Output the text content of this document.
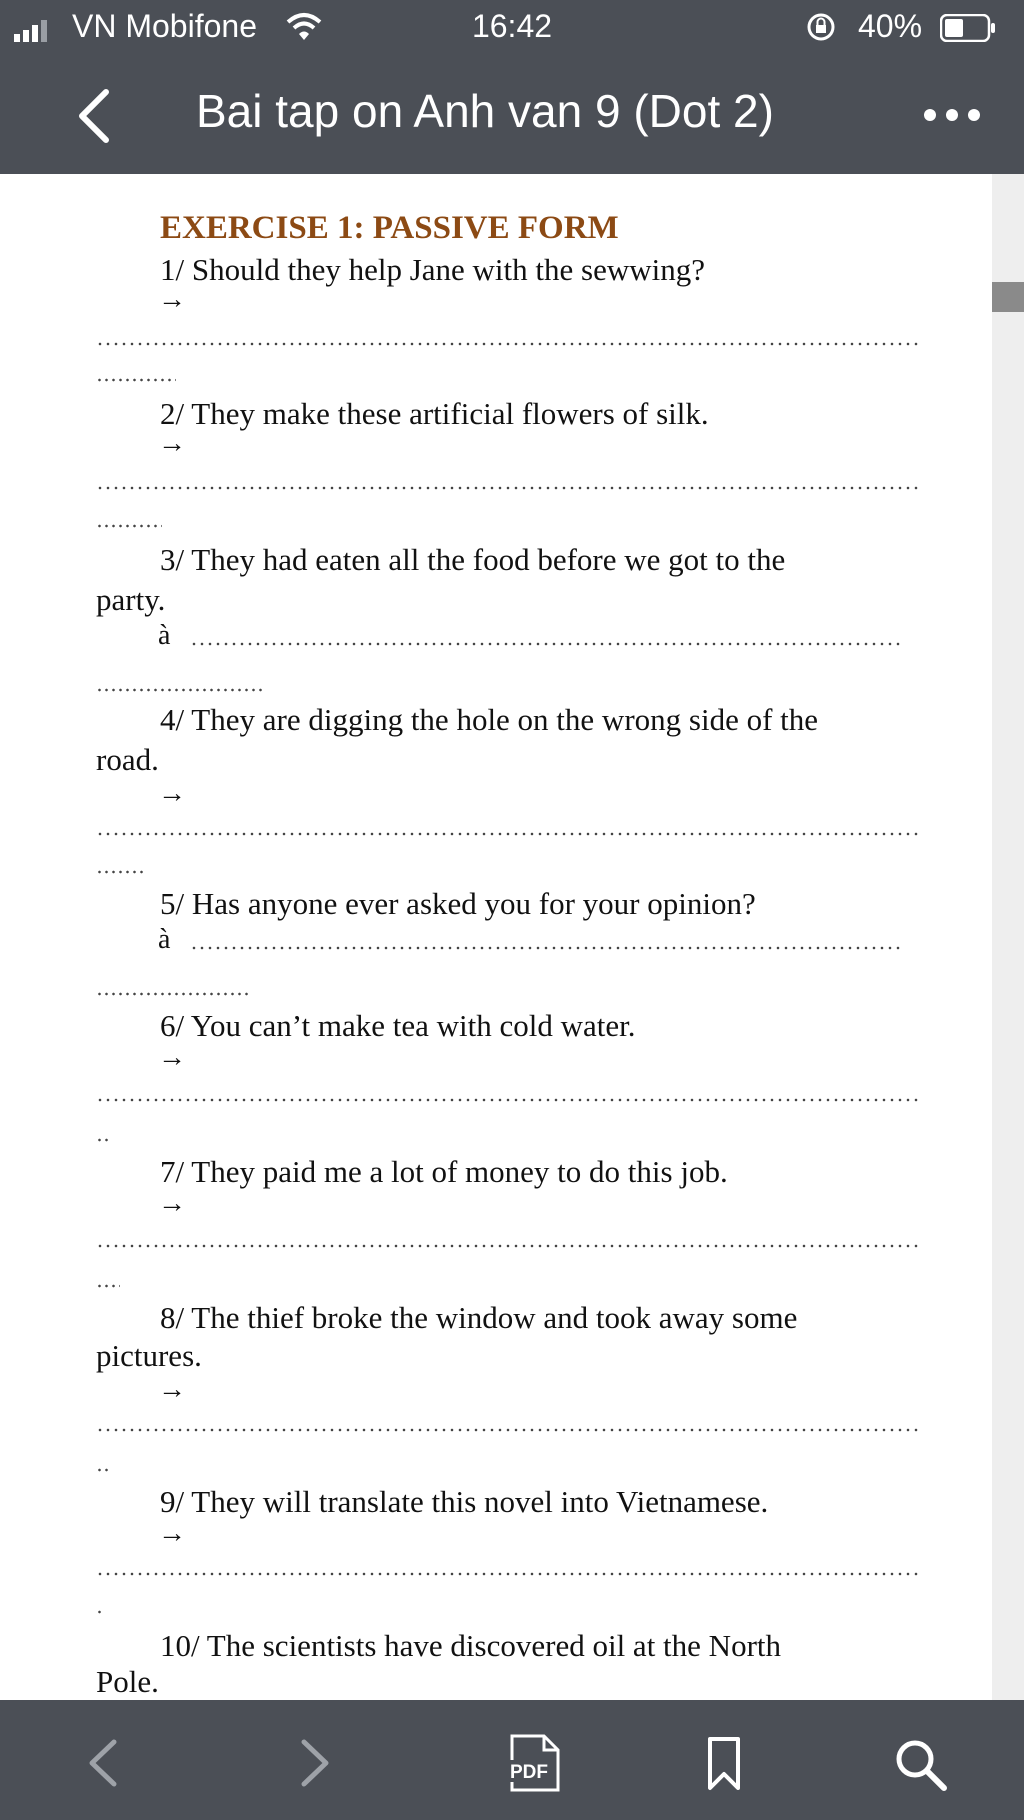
VN Mobifone	16:42	40%
Bai tap on Anh van 9 (Dot 2)
EXERCISE 1: PASSIVE FORM
1/ Should they help Jane with the sewwing?
→
2/ They make these artificial flowers of silk.
→
3/ They had eaten all the food before we got to the
party.
à
4/ They are digging the hole on the wrong side of the
road.
→
5/ Has anyone ever asked you for your opinion?
à
6/ You can’t make tea with cold water.
→
7/ They paid me a lot of money to do this job.
→
8/ The thief broke the window and took away some
pictures.
→
9/ They will translate this novel into Vietnamese.
→
10/ The scientists have discovered oil at the North
Pole.
PDF
